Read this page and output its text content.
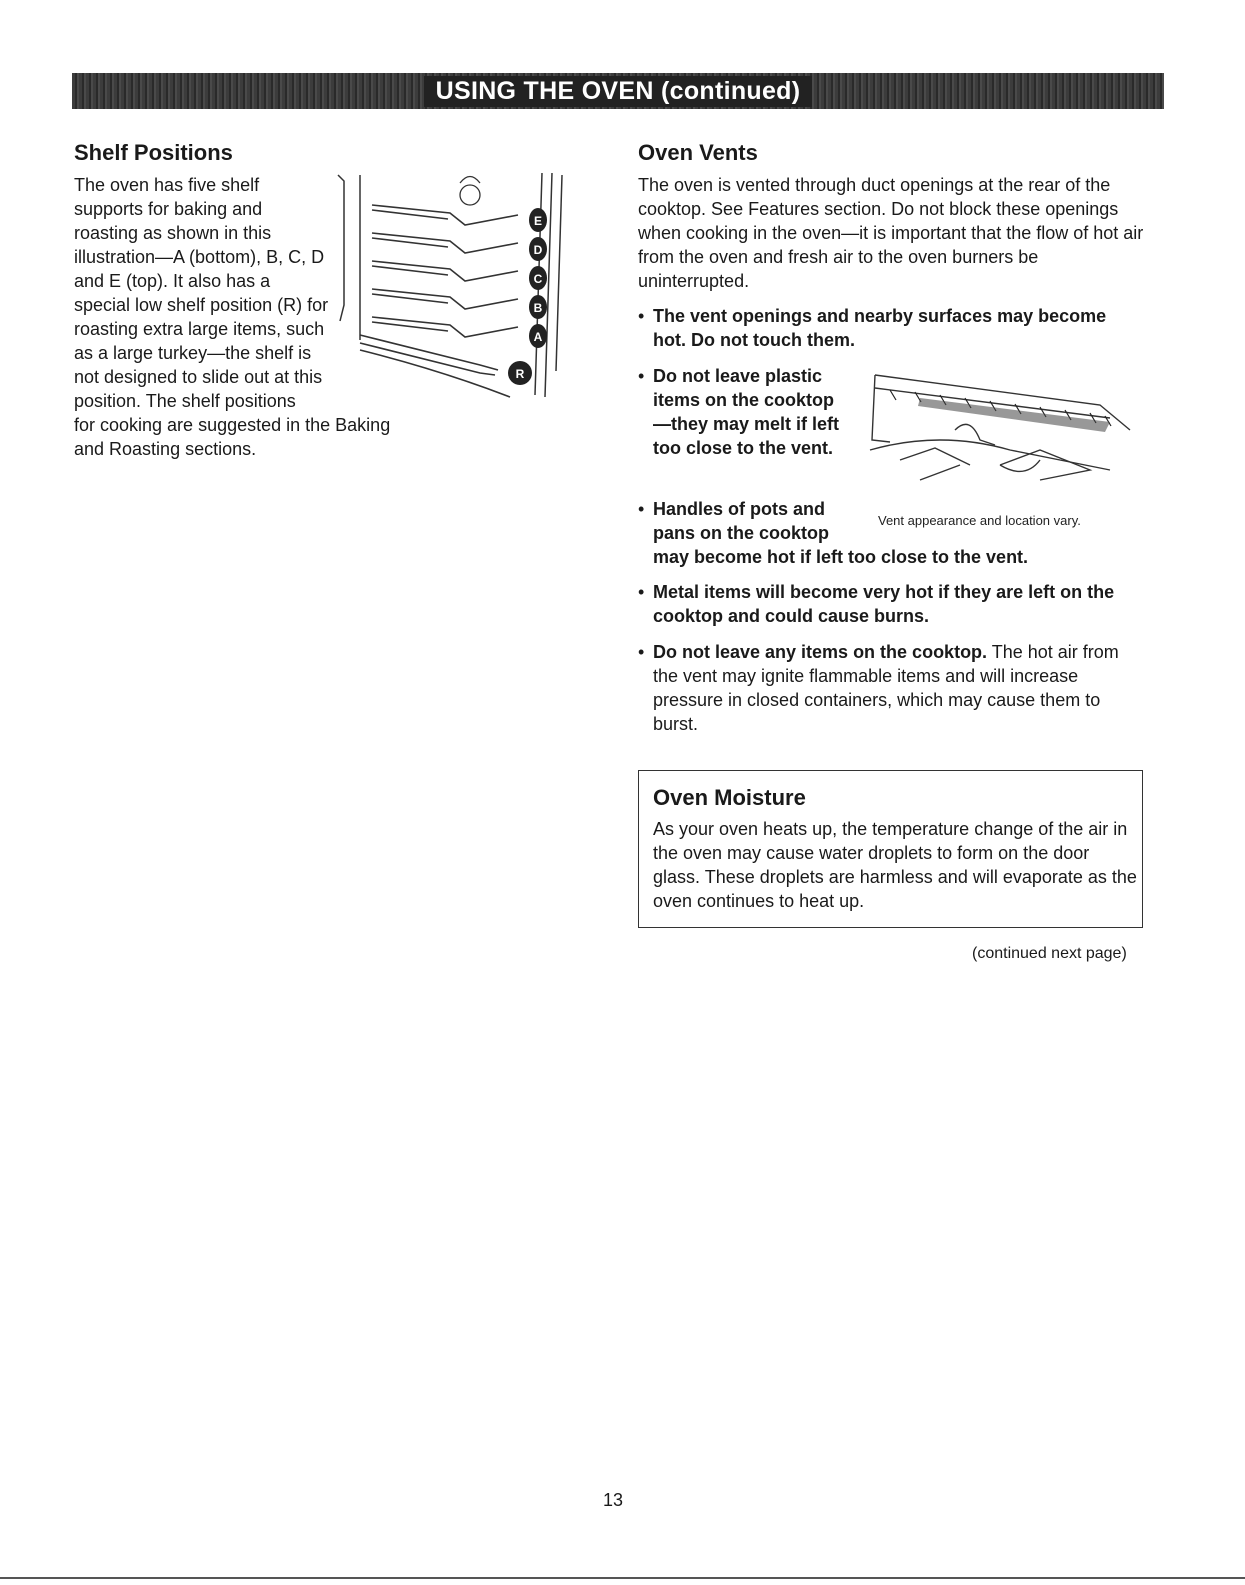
USING THE OVEN (continued)
Shelf Positions
The oven has five shelf supports for baking and roasting as shown in this illustration—A (bottom), B, C, D and E (top). It also has a special low shelf position (R) for roasting extra large items, such as a large turkey—the shelf is not designed to slide out at this position. The shelf positions
for cooking are suggested in the Baking and Roasting sections.
E
D
C
B
A
R
Oven Vents
The oven is vented through duct openings at the rear of the cooktop. See Features section. Do not block these openings when cooking in the oven—it is important that the flow of hot air from the oven and fresh air to the oven burners be uninterrupted.
• The vent openings and nearby surfaces may become hot. Do not touch them.
• Do not leave plastic items on the cooktop—they may melt if left too close to the vent.
• Handles of pots and pans on the cooktop
may become hot if left too close to the vent.
Vent appearance and location vary.
• Metal items will become very hot if they are left on the cooktop and could cause burns.
• Do not leave any items on the cooktop. The hot air from the vent may ignite flammable items and will increase pressure in closed containers, which may cause them to burst.
Oven Moisture
As your oven heats up, the temperature change of the air in the oven may cause water droplets to form on the door glass. These droplets are harmless and will evaporate as the oven continues to heat up.
(continued next page)
13
